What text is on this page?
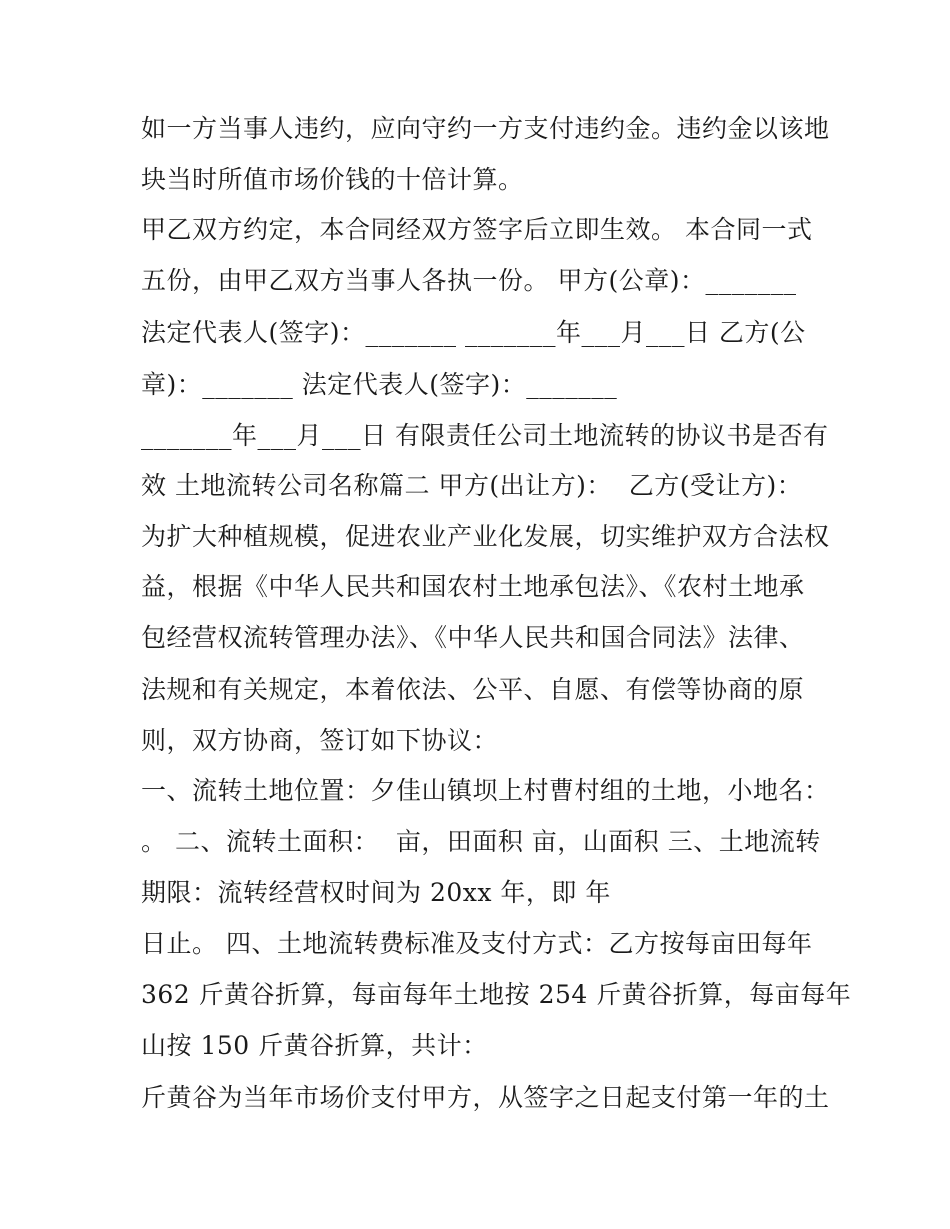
如一方当事人违约，应向守约一方支付违约金。违约金以该地
块当时所值市场价钱的十倍计算。
甲乙双方约定，本合同经双方签字后立即生效。 本合同一式
五份，由甲乙双方当事人各执一份。 甲方(公章)：_______
法定代表人(签字)：_______ _______年___月___日 乙方(公
章)：_______ 法定代表人(签字)：_______
_______年___月___日 有限责任公司土地流转的协议书是否有
效 土地流转公司名称篇二 甲方(出让方)：  乙方(受让方)：
为扩大种植规模，促进农业产业化发展，切实维护双方合法权
益，根据《中华人民共和国农村土地承包法》、《农村土地承
包经营权流转管理办法》、《中华人民共和国合同法》法律、
法规和有关规定，本着依法、公平、自愿、有偿等协商的原
则，双方协商，签订如下协议：
一、流转土地位置：夕佳山镇坝上村曹村组的土地，小地名：
。 二、流转土面积：  亩，田面积 亩，山面积 三、土地流转
期限：流转经营权时间为 20xx 年，即 年
日止。 四、土地流转费标准及支付方式：乙方按每亩田每年
362 斤黄谷折算，每亩每年土地按 254 斤黄谷折算，每亩每年
山按 150 斤黄谷折算，共计：
斤黄谷为当年市场价支付甲方，从签字之日起支付第一年的土
